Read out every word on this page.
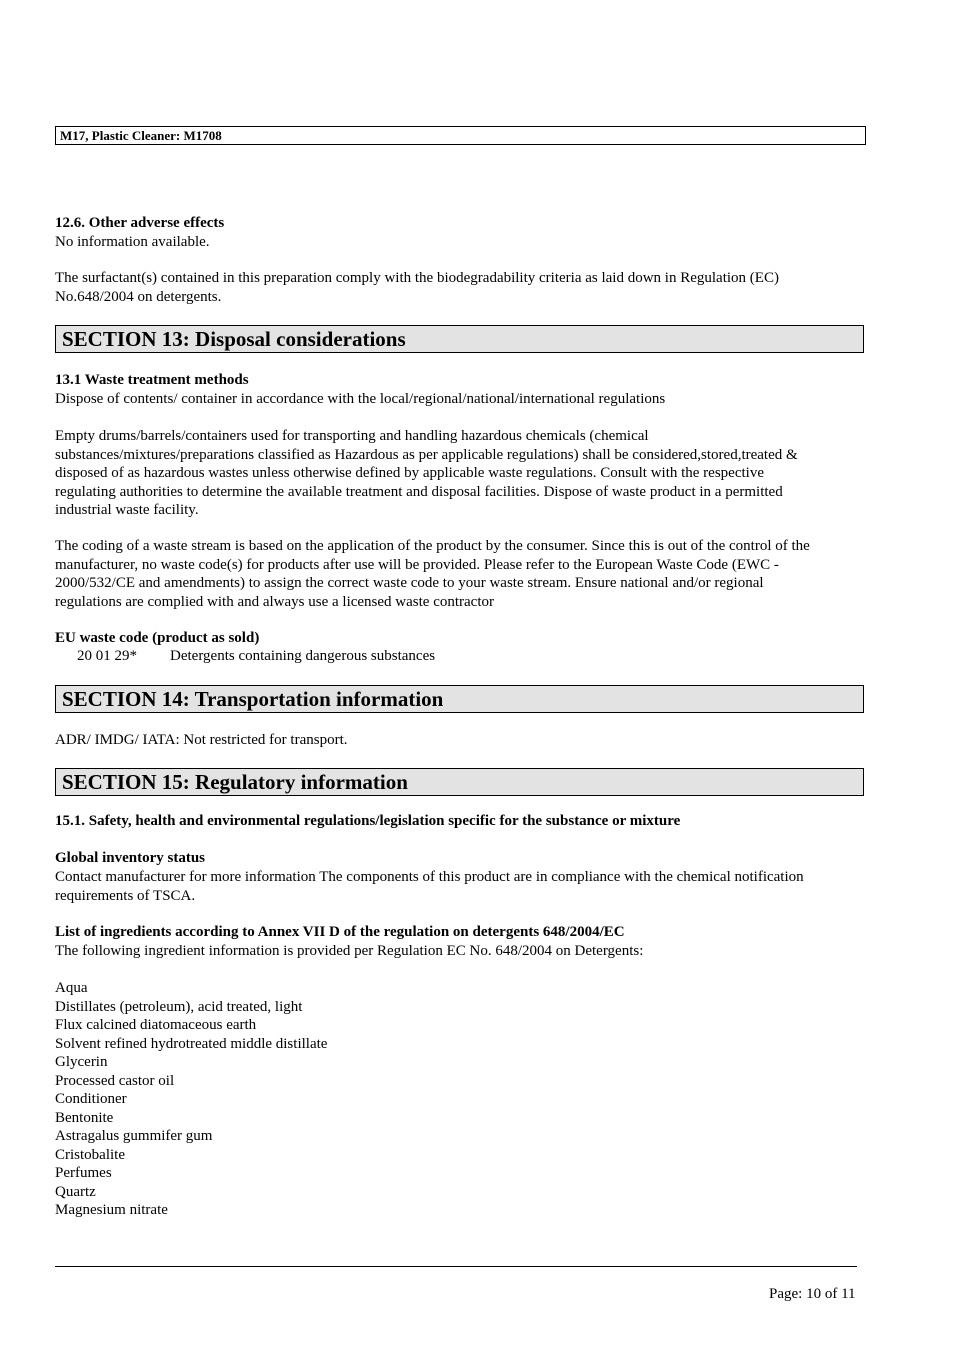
M17, Plastic Cleaner: M1708
12.6. Other adverse effects
No information available.
The surfactant(s) contained in this preparation comply with the biodegradability criteria as laid down in Regulation (EC)
No.648/2004 on detergents.
SECTION 13: Disposal considerations
13.1 Waste treatment methods
Dispose of contents/ container in accordance with the local/regional/national/international regulations
Empty drums/barrels/containers used for transporting and handling hazardous chemicals (chemical
substances/mixtures/preparations classified as Hazardous as per applicable regulations) shall be considered,stored,treated &
disposed of as hazardous wastes unless otherwise defined by applicable waste regulations. Consult with the respective
regulating authorities to determine the available treatment and disposal facilities. Dispose of waste product in a permitted
industrial waste facility.
The coding of a waste stream is based on the application of the product by the consumer. Since this is out of the control of the
manufacturer, no waste code(s) for products after use will be provided. Please refer to the European Waste Code (EWC -
2000/532/CE and amendments) to assign the correct waste code to your waste stream. Ensure national and/or regional
regulations are complied with and always use a licensed waste contractor
EU waste code (product as sold)
20 01 29* Detergents containing dangerous substances
SECTION 14: Transportation information
ADR/ IMDG/ IATA: Not restricted for transport.
SECTION 15: Regulatory information
15.1. Safety, health and environmental regulations/legislation specific for the substance or mixture
Global inventory status
Contact manufacturer for more information The components of this product are in compliance with the chemical notification
requirements of TSCA.
List of ingredients according to Annex VII D of the regulation on detergents 648/2004/EC
The following ingredient information is provided per Regulation EC No. 648/2004 on Detergents:
Aqua
Distillates (petroleum), acid treated, light
Flux calcined diatomaceous earth
Solvent refined hydrotreated middle distillate
Glycerin
Processed castor oil
Conditioner
Bentonite
Astragalus gummifer gum
Cristobalite
Perfumes
Quartz
Magnesium nitrate
Page: 10 of 11
